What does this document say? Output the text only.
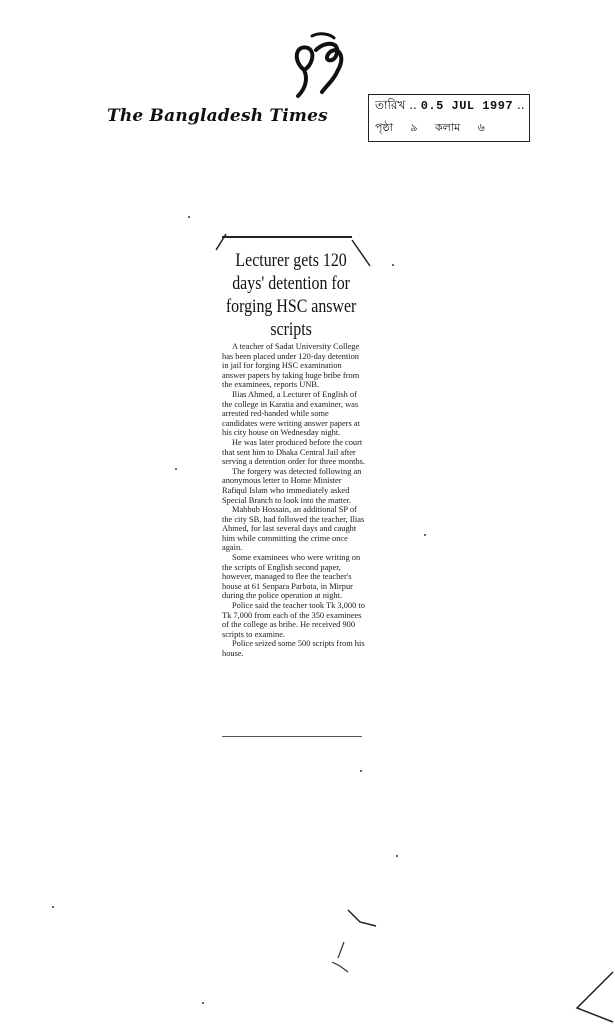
The Bangladesh Times
তারিখ .. 0.5 JUL 1997 ..
পৃষ্ঠা ৯ কলাম ৬
Lecturer gets 120 days' detention for forging HSC answer scripts

A teacher of Sadat University College has been placed under 120-day detention in jail for forging HSC examination answer papers by taking huge bribe from the examinees, reports UNB.

Ilias Ahmed, a Lecturer of English of the college in Karatia and examiner, was arrested red-handed while some candidates were writing answer papers at his city house on Wednesday night.

He was later produced before the court that sent him to Dhaka Central Jail after serving a detention order for three months.

The forgery was detected following an anonymous letter to Home Minister Rafiqul Islam who immediately asked Special Branch to look into the matter.

Mahbub Hossain, an additional SP of the city SB, had followed the teacher, Ilias Ahmed, for last several days and caught him while committing the crime once again.

Some examinees who were writing on the scripts of English second paper, however, managed to flee the teacher's house at 61 Senpara Parbata, in Mirpur during the police operation at night.

Police said the teacher took Tk 3,000 to Tk 7,000 from each of the 350 examinees of the college as bribe. He received 900 scripts to examine.

Police seized some 500 scripts from his house.
